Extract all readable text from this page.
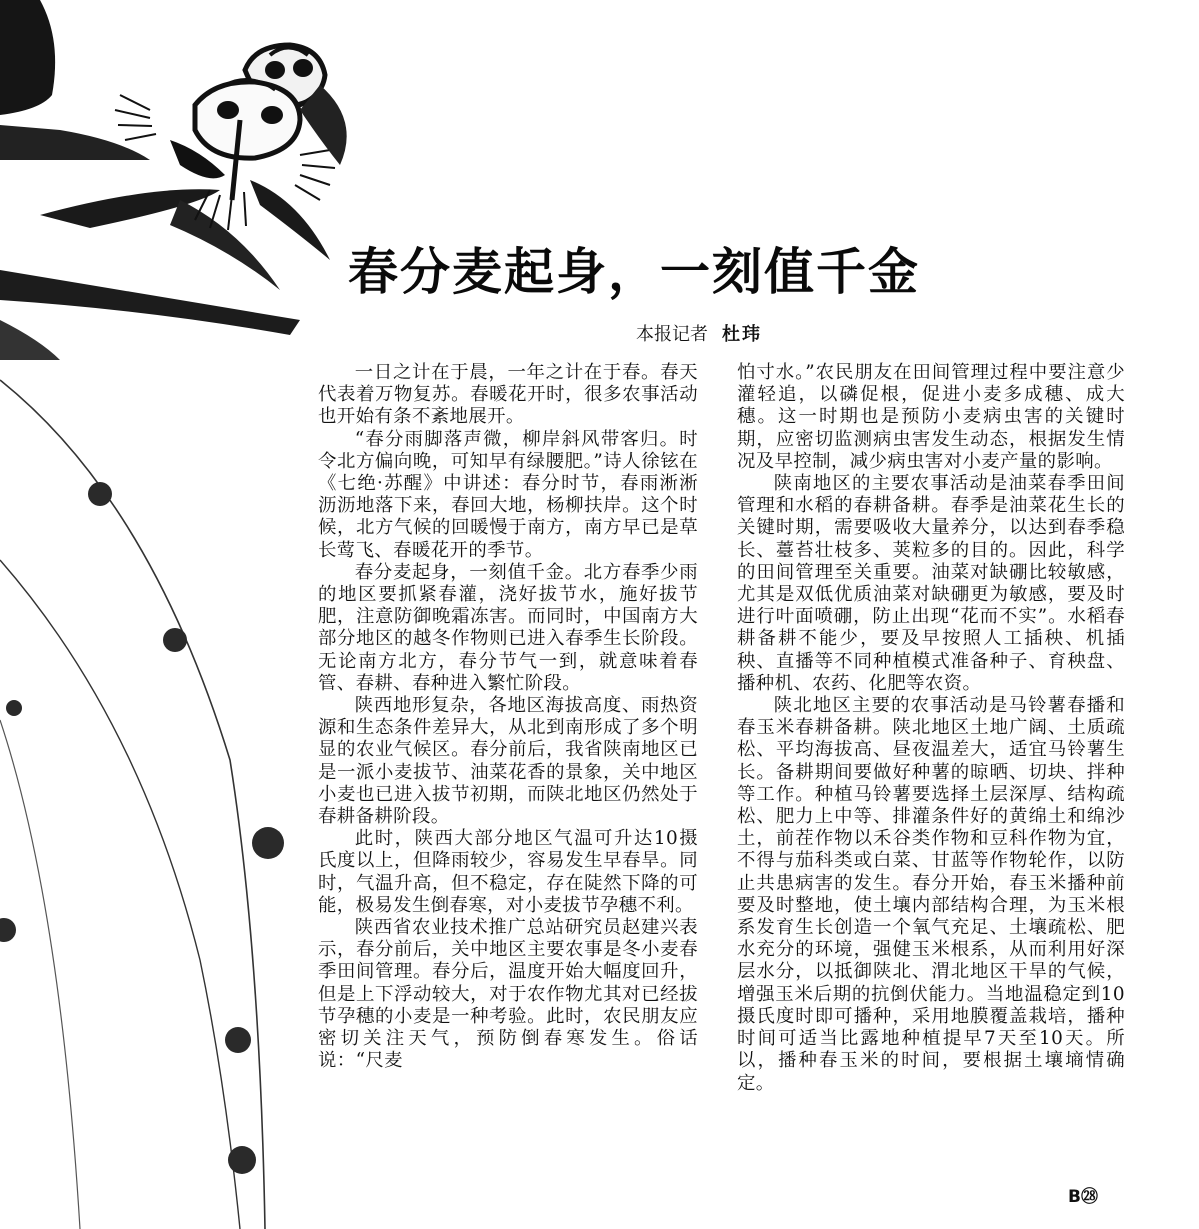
春分麦起身，一刻值千金
本报记者 杜玮

一日之计在于晨，一年之计在于春。春天代表着万物复苏。春暖花开时，很多农事活动也开始有条不紊地展开。

“春分雨脚落声微，柳岸斜风带客归。时令北方偏向晚，可知早有绿腰肥。”诗人徐铉在《七绝·苏醒》中讲述：春分时节，春雨淅淅沥沥地落下来，春回大地，杨柳扶岸。这个时候，北方气候的回暖慢于南方，南方早已是草长莺飞、春暖花开的季节。

春分麦起身，一刻值千金。北方春季少雨的地区要抓紧春灌，浇好拔节水，施好拔节肥，注意防御晚霜冻害。而同时，中国南方大部分地区的越冬作物则已进入春季生长阶段。无论南方北方，春分节气一到，就意味着春管、春耕、春种进入繁忙阶段。

陕西地形复杂，各地区海拔高度、雨热资源和生态条件差异大，从北到南形成了多个明显的农业气候区。春分前后，我省陕南地区已是一派小麦拔节、油菜花香的景象，关中地区小麦也已进入拔节初期，而陕北地区仍然处于春耕备耕阶段。

此时，陕西大部分地区气温可升达10摄氏度以上，但降雨较少，容易发生早春旱。同时，气温升高，但不稳定，存在陡然下降的可能，极易发生倒春寒，对小麦拔节孕穗不利。

陕西省农业技术推广总站研究员赵建兴表示，春分前后，关中地区主要农事是冬小麦春季田间管理。春分后，温度开始大幅度回升，但是上下浮动较大，对于农作物尤其对已经拔节孕穗的小麦是一种考验。此时，农民朋友应密切关注天气，预防倒春寒发生。俗话说：“尺麦

怕寸水。”农民朋友在田间管理过程中要注意少灌轻追，以磷促根，促进小麦多成穗、成大穗。这一时期也是预防小麦病虫害的关键时期，应密切监测病虫害发生动态，根据发生情况及早控制，减少病虫害对小麦产量的影响。

陕南地区的主要农事活动是油菜春季田间管理和水稻的春耕备耕。春季是油菜花生长的关键时期，需要吸收大量养分，以达到春季稳长、薹苔壮枝多、荚粒多的目的。因此，科学的田间管理至关重要。油菜对缺硼比较敏感，尤其是双低优质油菜对缺硼更为敏感，要及时进行叶面喷硼，防止出现“花而不实”。水稻春耕备耕不能少，要及早按照人工插秧、机插秧、直播等不同种植模式准备种子、育秧盘、播种机、农药、化肥等农资。

陕北地区主要的农事活动是马铃薯春播和春玉米春耕备耕。陕北地区土地广阔、土质疏松、平均海拔高、昼夜温差大，适宜马铃薯生长。备耕期间要做好种薯的晾晒、切块、拌种等工作。种植马铃薯要选择土层深厚、结构疏松、肥力上中等、排灌条件好的黄绵土和绵沙土，前茬作物以禾谷类作物和豆科作物为宜，不得与茄科类或白菜、甘蓝等作物轮作，以防止共患病害的发生。春分开始，春玉米播种前要及时整地，使土壤内部结构合理，为玉米根系发育生长创造一个氧气充足、土壤疏松、肥水充分的环境，强健玉米根系，从而利用好深层水分，以抵御陕北、渭北地区干旱的气候，增强玉米后期的抗倒伏能力。当地温稳定到10摄氏度时即可播种，采用地膜覆盖栽培，播种时间可适当比露地种植提早7天至10天。所以，播种春玉米的时间，要根据土壤墒情确定。

B㉘
